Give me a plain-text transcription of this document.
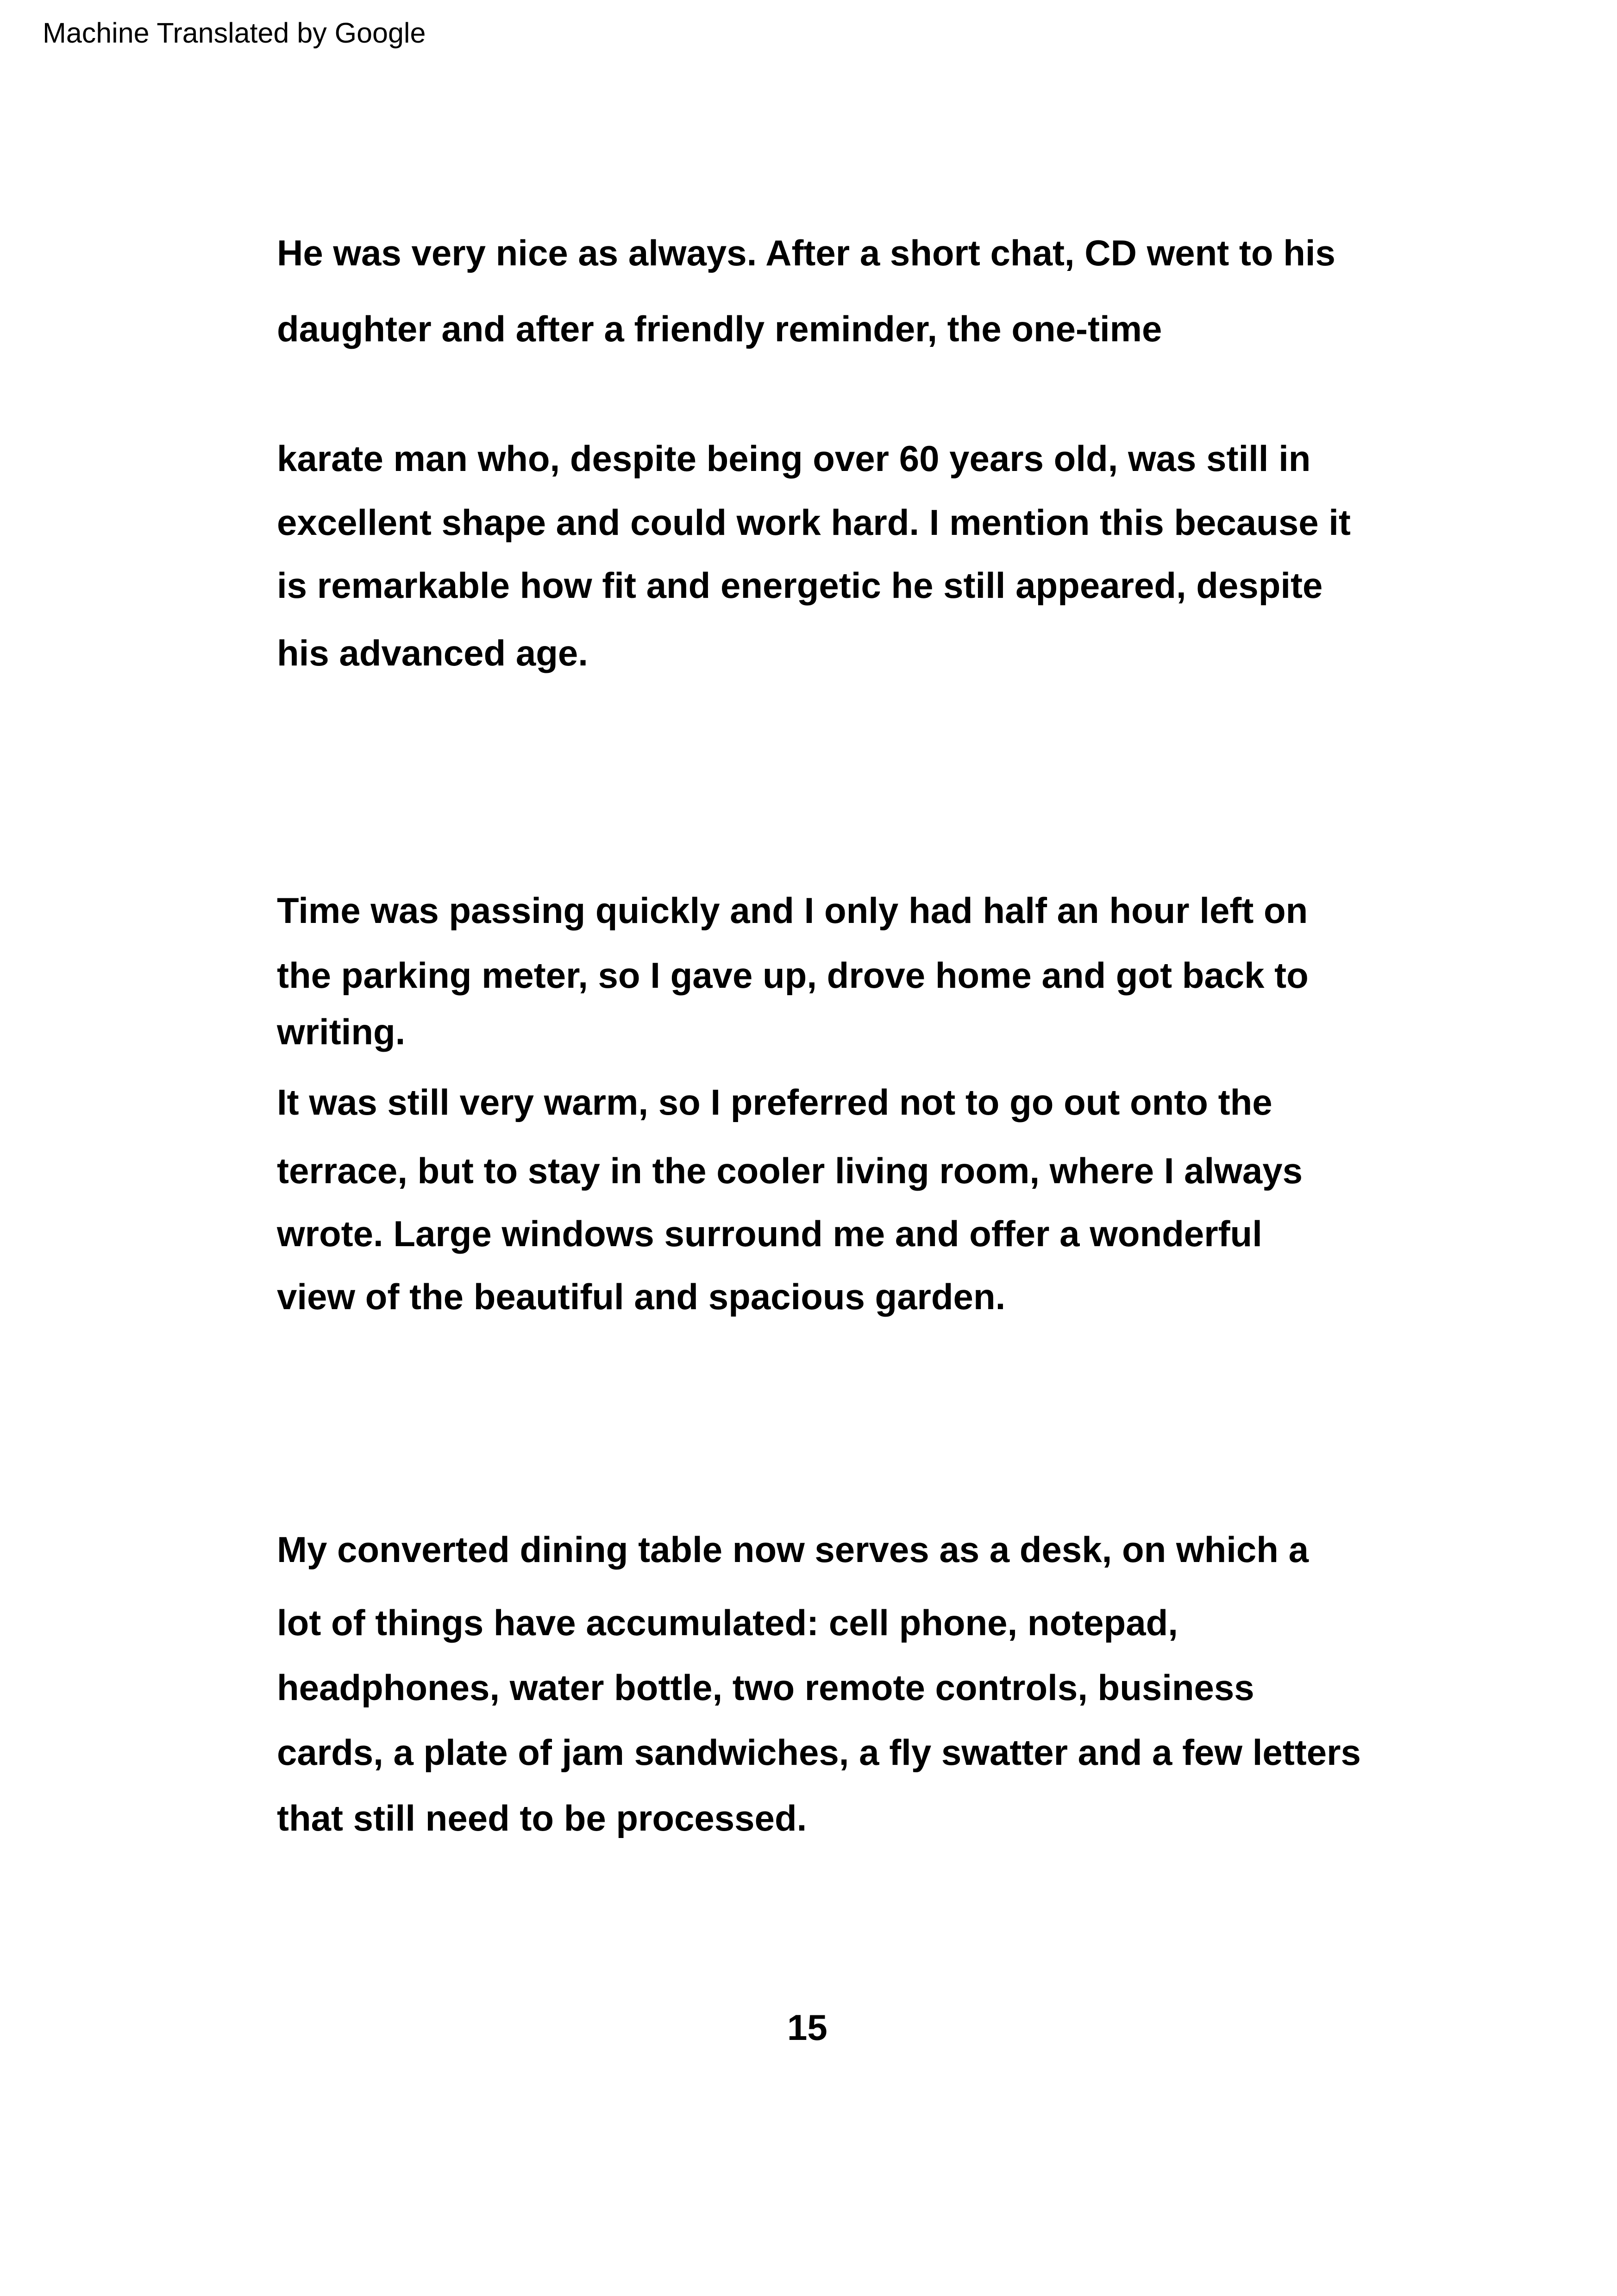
Machine Translated by Google
He was very nice as always. After a short chat, CD went to his
daughter and after a friendly reminder, the one-time
karate man who, despite being over 60 years old, was still in
excellent shape and could work hard. I mention this because it
is remarkable how fit and energetic he still appeared, despite
his advanced age.
Time was passing quickly and I only had half an hour left on
the parking meter, so I gave up, drove home and got back to
writing.
It was still very warm, so I preferred not to go out onto the
terrace, but to stay in the cooler living room, where I always
wrote. Large windows surround me and offer a wonderful
view of the beautiful and spacious garden.
My converted dining table now serves as a desk, on which a
lot of things have accumulated: cell phone, notepad,
headphones, water bottle, two remote controls, business
cards, a plate of jam sandwiches, a fly swatter and a few letters
that still need to be processed.
15
